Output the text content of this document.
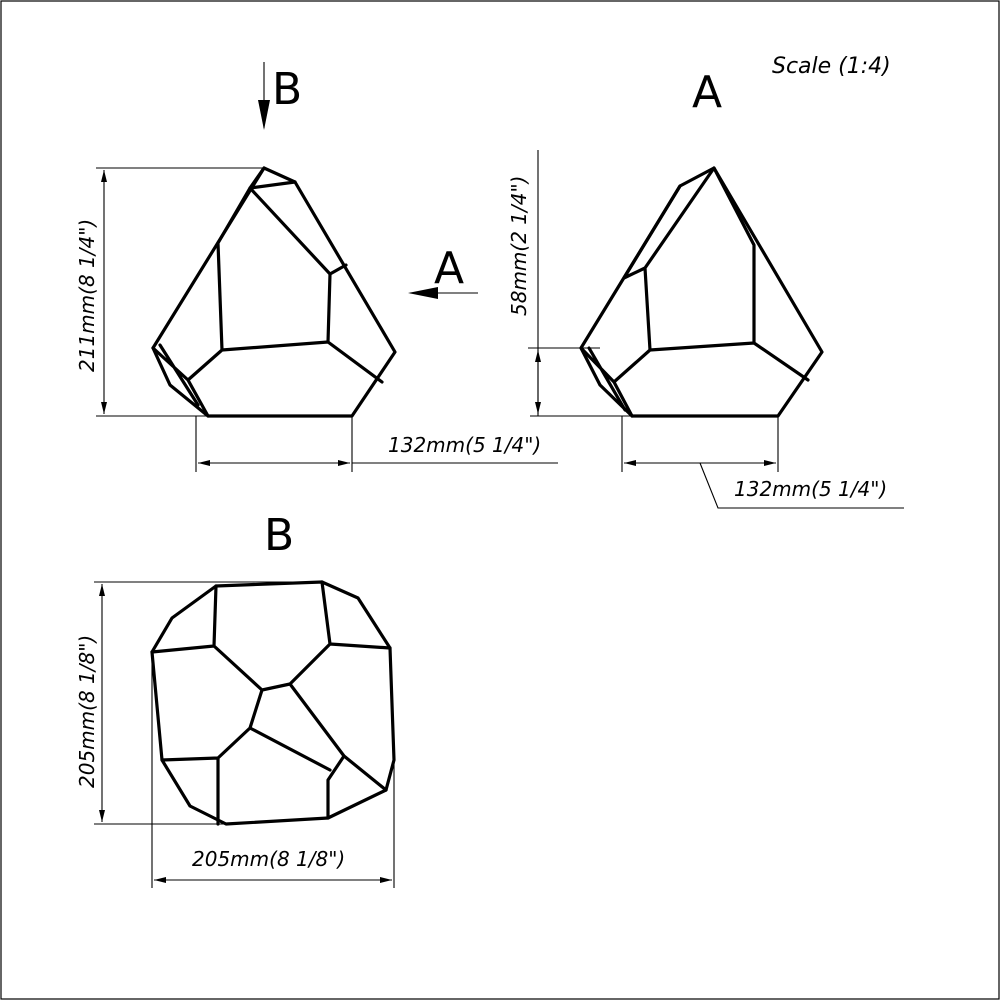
Scale (1:4)
B
A
211mm(8 1/4")
132mm(5 1/4")
A
58mm(2 1/4")
132mm(5 1/4")
B
205mm(8 1/8")
205mm(8 1/8")
